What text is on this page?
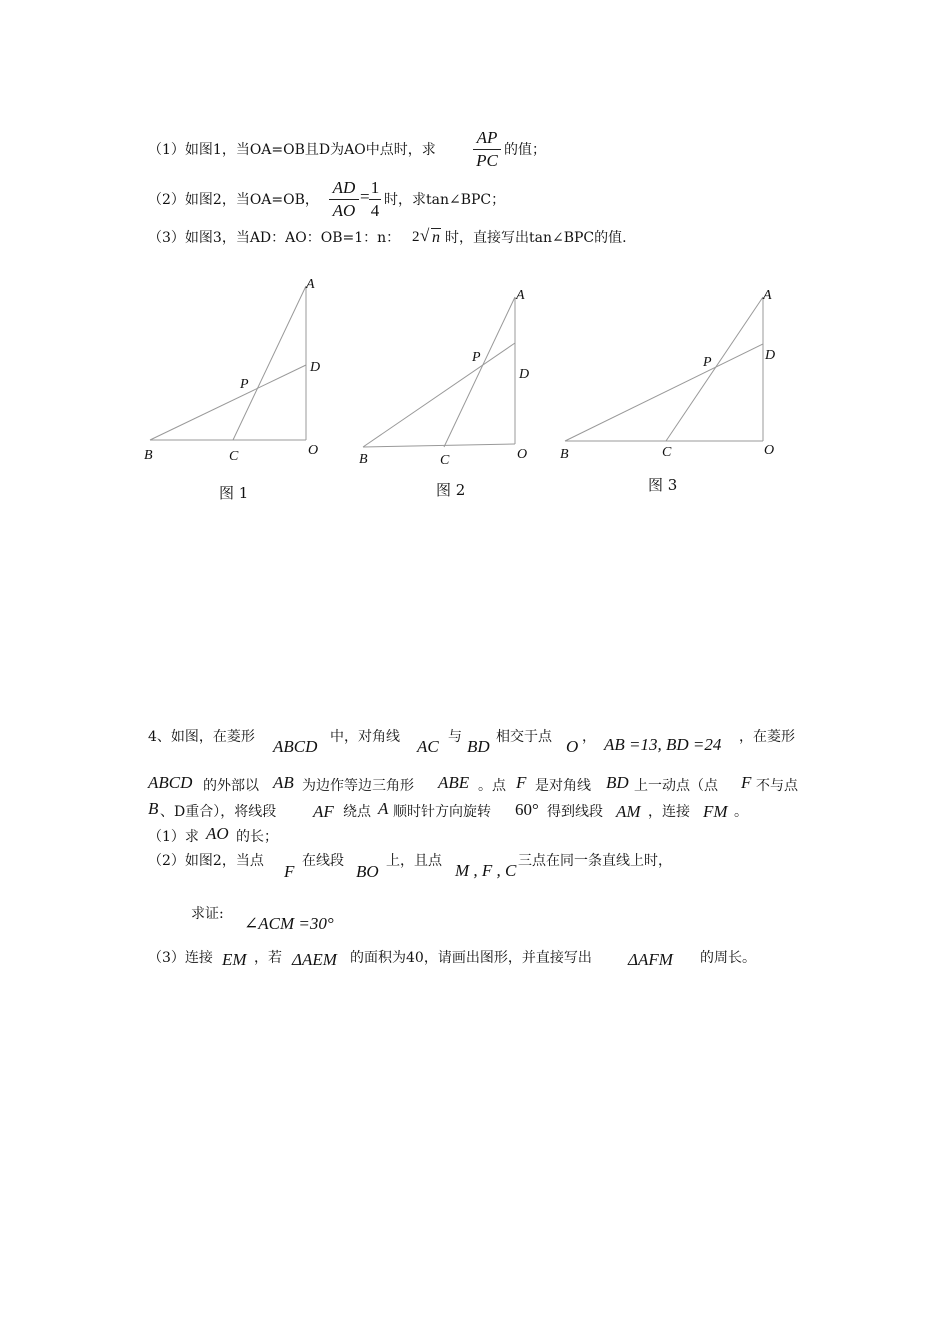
（1）如图1，当OA=OB且D为AO中点时，求
AP
PC
的值；
（2）如图2，当OA=OB，
AD
AO
= 1
4
时，求tan∠BPC；
（3）如图3，当AD：AO：OB=1：n： 2 √ n 时，直接写出tan∠BPC的值.
A
D
P
B	C	O
A
D
P
B	C	O
A
D
P
B	C	O
图 1	图 2	图 3
4、如图，在菱形 ABCD 中，对角线 AC 与 BD 相交于点 O ， AB =13, BD =24 ，在菱形
ABCD 的外部以 AB 为边作等边三角形 ABE 。点 F 是对角线 BD 上一动点（点 F 不与点
B 、D重合），将线段 AF 绕点 A 顺时针方向旋转 60° 得到线段 AM ，连接 FM 。
（1）求 AO 的长；
（2）如图2，当点
F
在线段
BO
上，且点 M , F , C 三点在同一条直线上时，
求证: ∠ACM =30°
（3）连接 EM ，若 ΔAEM 的面积为40，请画出图形，并直接写出 ΔAFM 的周长。
